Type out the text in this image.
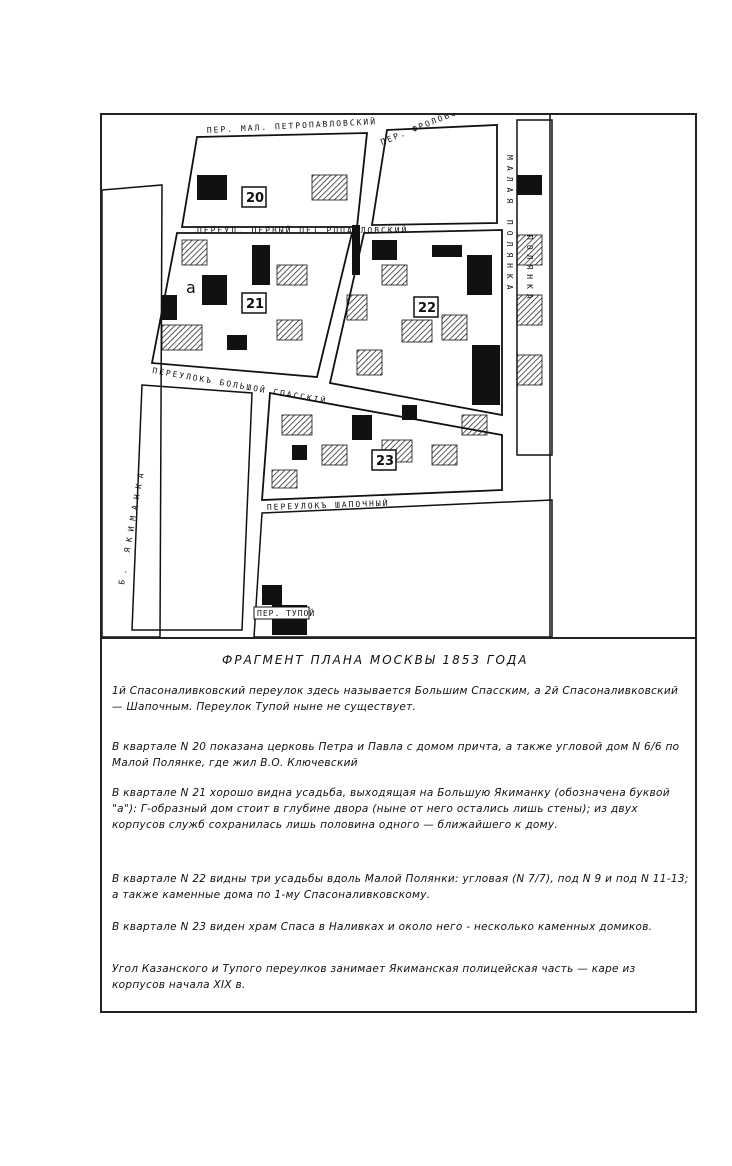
20
21	22
23
а
ПЕР. МАЛ. ПЕТРОПАВЛОВСКИЙ
ПЕРЕУЛ. ПЕРВЫЙ ПЕТ РОПАВЛОВСКИЙ
ПЕРЕУЛОКЪ БОЛЬШОЙ СПАССКІЙ
ПЕРЕУЛОКЪ ШАПОЧНЫЙ
ПЕР. ТУПОЙ
МАЛАЯ ПОЛЯНКА
Б. ЯКИМАНКА
ПОЛЯНКА
ФРАГМЕНТ ПЛАНА МОСКВЫ 1853 ГОДА
1й Спасоналивковский переулок здесь называется Большим Спасским, а 2й Спасоналивковский — Шапочным. Переулок Тупой ныне не существует.
В квартале N 20 показана церковь Петра и Павла с домом причта, а также угловой дом N 6/6 по Малой Полянке, где жил В.О. Ключевский
В квартале N 21 хорошо видна усадьба, выходящая на Большую Якиманку (обозначена буквой "а"): Г-образный дом стоит в глубине двора (ныне от него остались лишь стены); из двух корпусов служб сохранилась лишь половина одного — ближайшего к дому.
В квартале N 22 видны три усадьбы вдоль Малой Полянки: угловая (N 7/7), под N 9 и под N 11-13; а также каменные дома по 1-му Спасоналивковскому.
В квартале N 23 виден храм Спаса в Наливках и около него - несколько каменных домиков.
Угол Казанского и Тупого переулков занимает Якиманская полицейская часть — каре из корпусов начала XIX в.
